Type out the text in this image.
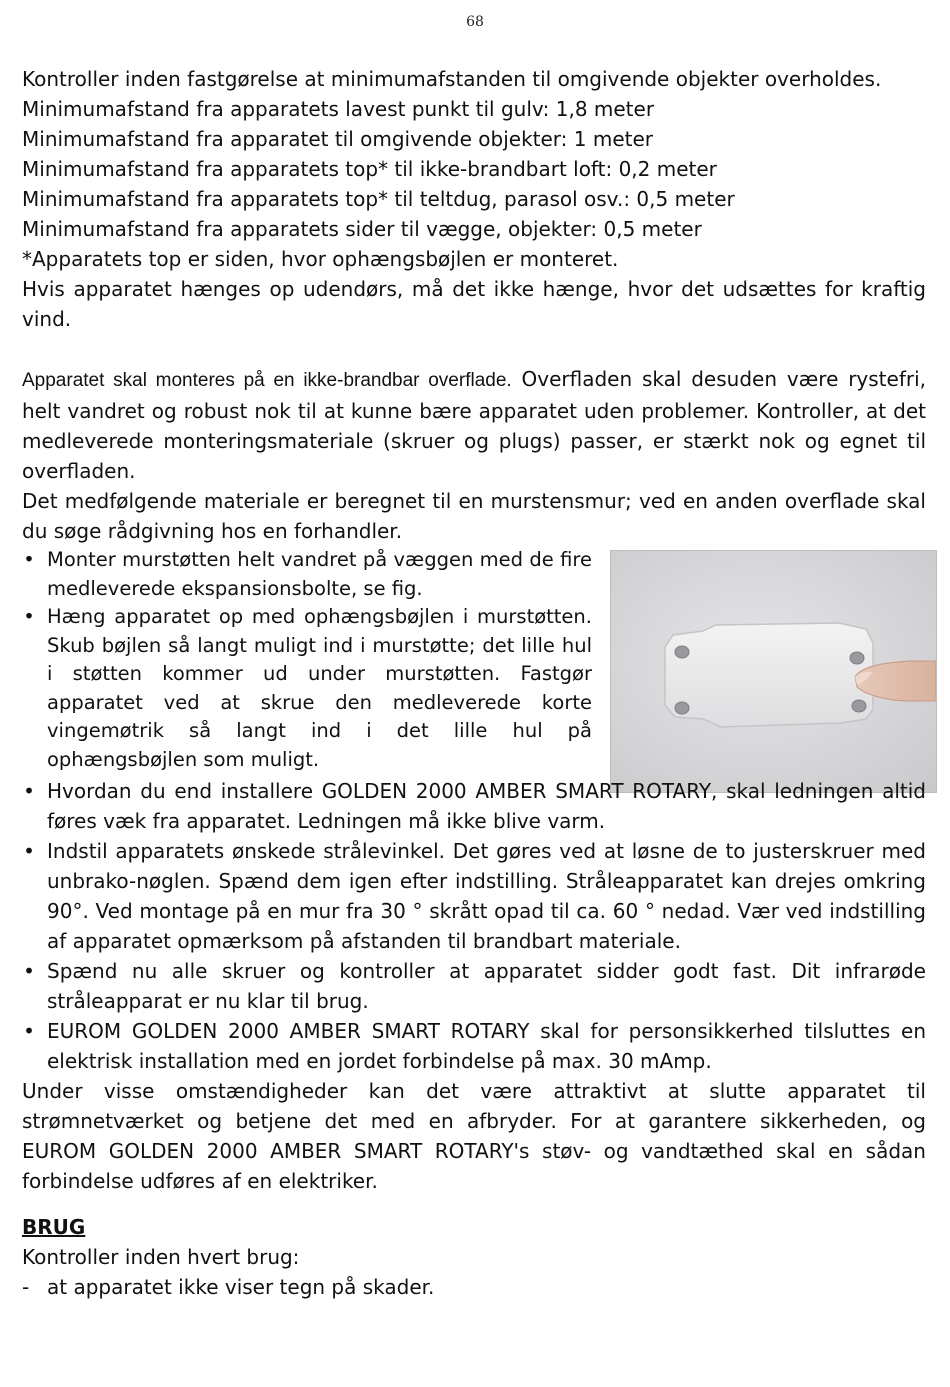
68

Kontroller inden fastgørelse at minimumafstanden til omgivende objekter overholdes.

Minimumafstand fra apparatets lavest punkt til gulv: 1,8 meter

Minimumafstand fra apparatet til omgivende objekter: 1 meter

Minimumafstand fra apparatets top* til ikke-brandbart loft: 0,2 meter

Minimumafstand fra apparatets top* til teltdug, parasol osv.: 0,5 meter

Minimumafstand fra apparatets sider til vægge, objekter: 0,5 meter

*Apparatets top er siden, hvor ophængsbøjlen er monteret.

Hvis apparatet hænges op udendørs, må det ikke hænge, hvor det udsættes for kraftig vind.

Apparatet skal monteres på en ikke-brandbar overflade. Overfladen skal desuden være rystefri, helt vandret og robust nok til at kunne bære apparatet uden problemer. Kontroller, at det medleverede monteringsmateriale (skruer og plugs) passer, er stærkt nok og egnet til overfladen.

Det medfølgende materiale er beregnet til en murstensmur; ved en anden overflade skal du søge rådgivning hos en forhandler.

• Monter murstøtten helt vandret på væggen med de fire medleverede ekspansionsbolte, se fig.
• Hæng apparatet op med ophængsbøjlen i murstøtten. Skub bøjlen så langt muligt ind i murstøtte; det lille hul i støtten kommer ud under murstøtten. Fastgør apparatet ved at skrue den medleverede korte vingemøtrik så langt ind i det lille hul på ophængsbøjlen som muligt.
• Hvordan du end installere GOLDEN 2000 AMBER SMART ROTARY, skal ledningen altid føres væk fra apparatet. Ledningen må ikke blive varm.
• Indstil apparatets ønskede strålevinkel. Det gøres ved at løsne de to justerskruer med unbrako-nøglen. Spænd dem igen efter indstilling. Stråleapparatet kan drejes omkring 90°. Ved montage på en mur fra 30 ° skrått opad til ca. 60 ° nedad. Vær ved indstilling af apparatet opmærksom på afstanden til brandbart materiale.
• Spænd nu alle skruer og kontroller at apparatet sidder godt fast. Dit infrarøde stråleapparat er nu klar til brug.
• EUROM GOLDEN 2000 AMBER SMART ROTARY skal for personsikkerhed tilsluttes en elektrisk installation med en jordet forbindelse på max. 30 mAmp.

Under visse omstændigheder kan det være attraktivt at slutte apparatet til strømnetværket og betjene det med en afbryder. For at garantere sikkerheden, og EUROM GOLDEN 2000 AMBER SMART ROTARY's støv- og vandtæthed skal en sådan forbindelse udføres af en elektriker.

BRUG

Kontroller inden hvert brug:

- at apparatet ikke viser tegn på skader.
